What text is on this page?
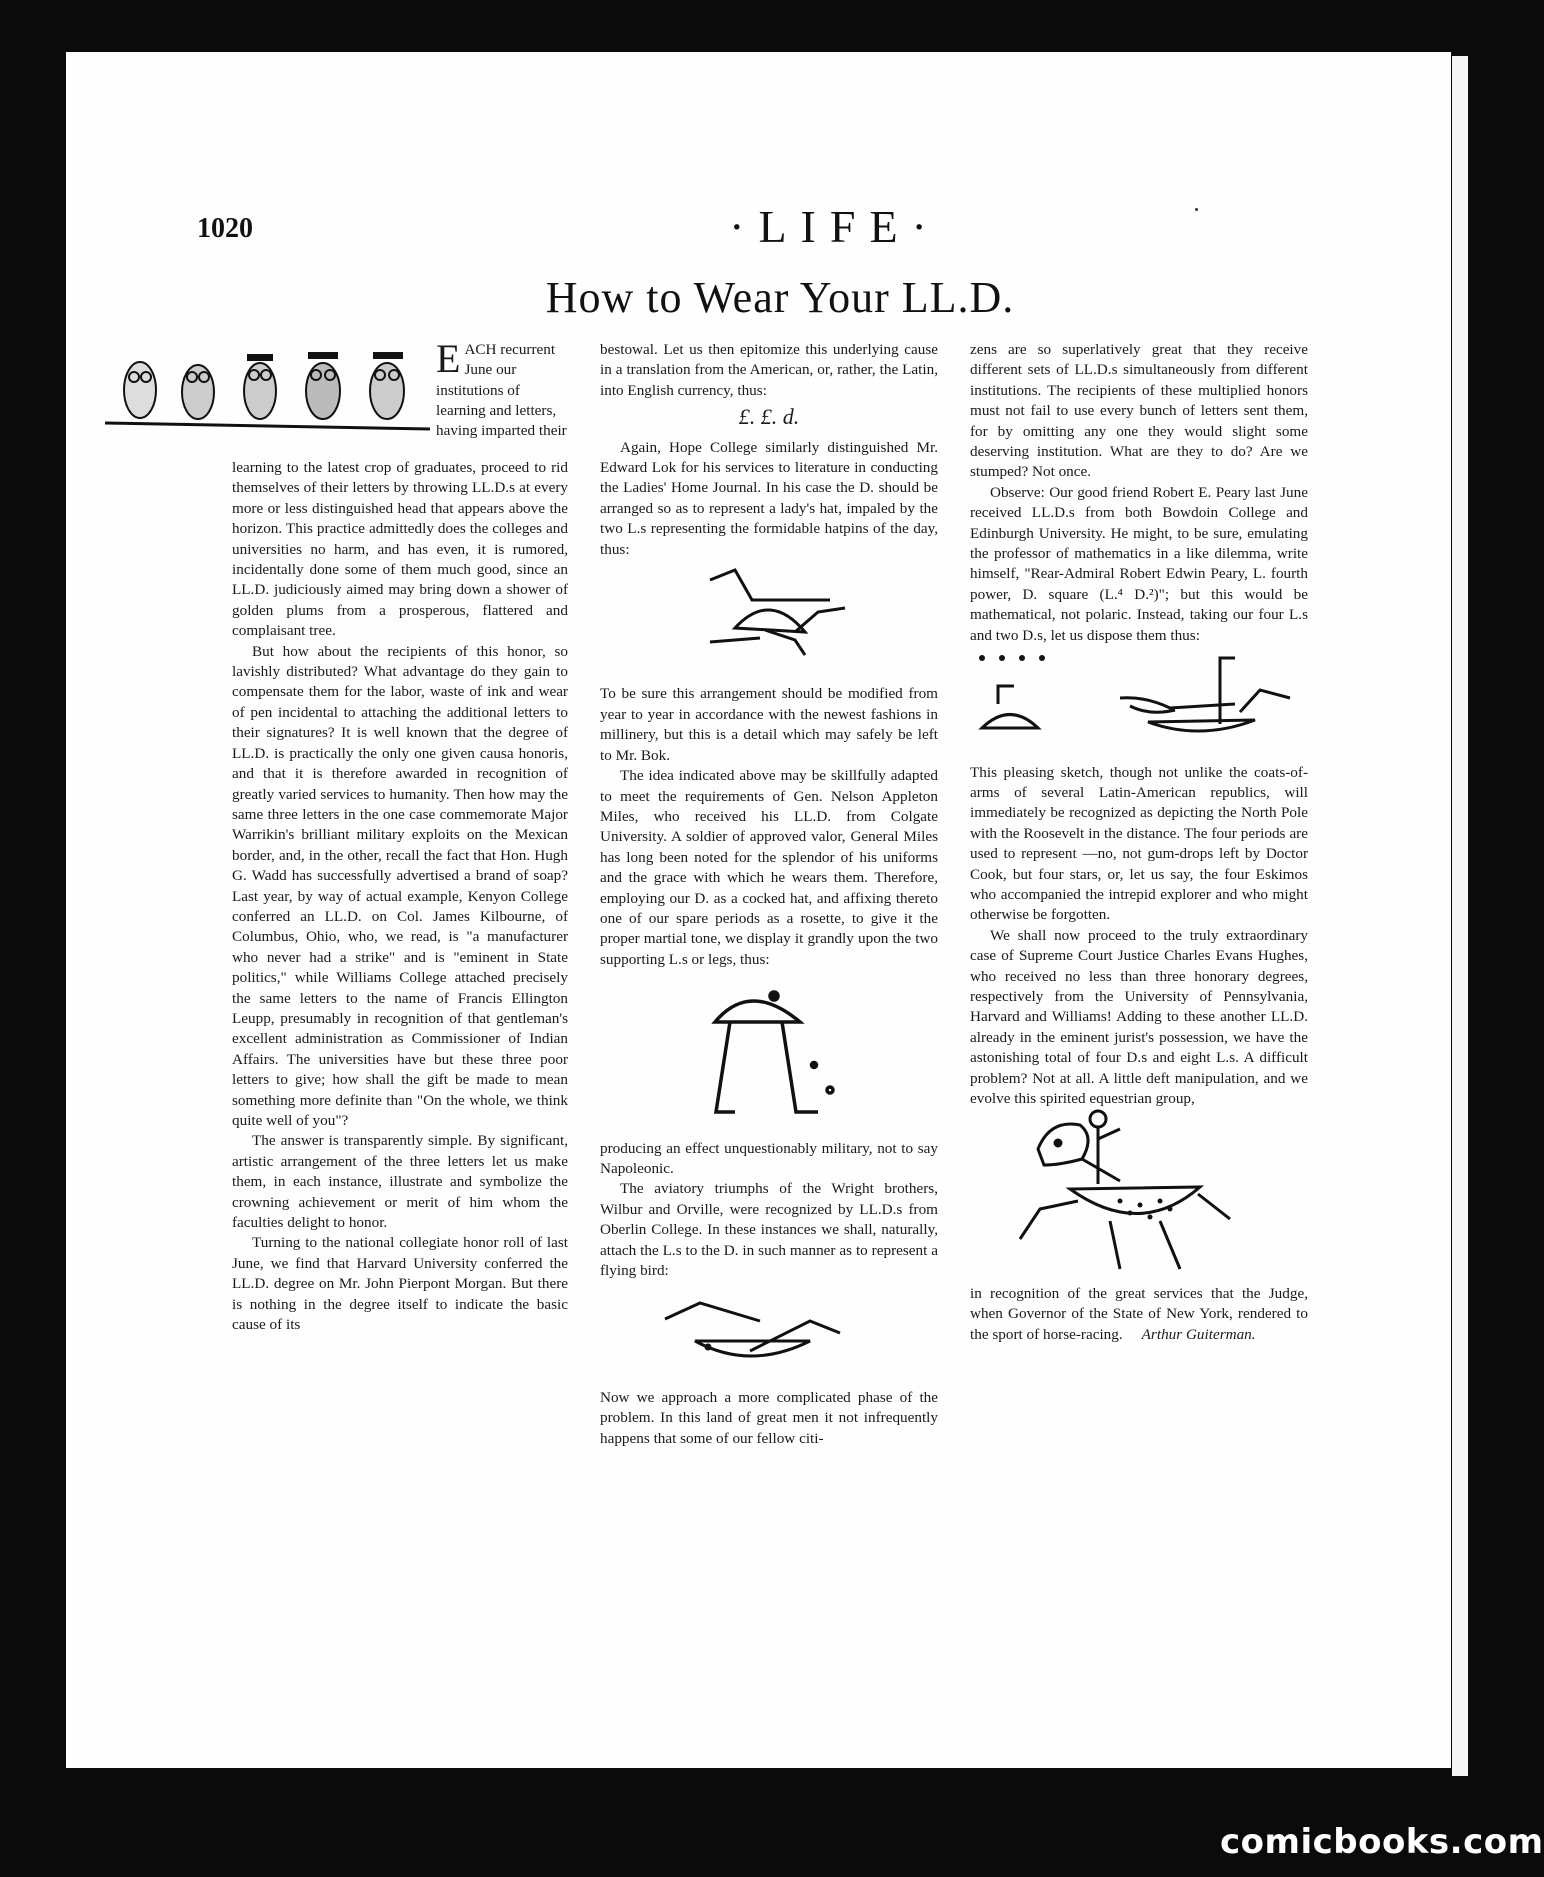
1020	·LIFE·
How to Wear Your LL.D.
EACH recurrent June our institutions of learning and letters, having imparted their

learning to the latest crop of graduates, proceed to rid themselves of their letters by throwing LL.D.s at every more or less distinguished head that appears above the horizon. This practice admittedly does the colleges and universities no harm, and has even, it is rumored, incidentally done some of them much good, since an LL.D. judiciously aimed may bring down a shower of golden plums from a prosperous, flattered and complaisant tree.

But how about the recipients of this honor, so lavishly distributed? What advantage do they gain to compensate them for the labor, waste of ink and wear of pen incidental to attaching the additional letters to their signatures? It is well known that the degree of LL.D. is practically the only one given causa honoris, and that it is therefore awarded in recognition of greatly varied services to humanity. Then how may the same three letters in the one case commemorate Major Warrikin's brilliant military exploits on the Mexican border, and, in the other, recall the fact that Hon. Hugh G. Wadd has successfully advertised a brand of soap? Last year, by way of actual example, Kenyon College conferred an LL.D. on Col. James Kilbourne, of Columbus, Ohio, who, we read, is "a manufacturer who never had a strike" and is "eminent in State politics," while Williams College attached precisely the same letters to the name of Francis Ellington Leupp, presumably in recognition of that gentleman's excellent administration as Commissioner of Indian Affairs. The universities have but these three poor letters to give; how shall the gift be made to mean something more definite than "On the whole, we think quite well of you"?

The answer is transparently simple. By significant, artistic arrangement of the three letters let us make them, in each instance, illustrate and symbolize the crowning achievement or merit of him whom the faculties delight to honor.

Turning to the national collegiate honor roll of last June, we find that Harvard University conferred the LL.D. degree on Mr. John Pierpont Morgan. But there is nothing in the degree itself to indicate the basic cause of its

bestowal. Let us then epitomize this underlying cause in a translation from the American, or, rather, the Latin, into English currency, thus:

£. £. d.

Again, Hope College similarly distinguished Mr. Edward Lok for his services to literature in conducting the Ladies' Home Journal. In his case the D. should be arranged so as to represent a lady's hat, impaled by the two L.s representing the formidable hatpins of the day, thus:

To be sure this arrangement should be modified from year to year in accordance with the newest fashions in millinery, but this is a detail which may safely be left to Mr. Bok.

The idea indicated above may be skillfully adapted to meet the requirements of Gen. Nelson Appleton Miles, who received his LL.D. from Colgate University. A soldier of approved valor, General Miles has long been noted for the splendor of his uniforms and the grace with which he wears them. Therefore, employing our D. as a cocked hat, and affixing thereto one of our spare periods as a rosette, to give it the proper martial tone, we display it grandly upon the two supporting L.s or legs, thus:

producing an effect unquestionably military, not to say Napoleonic.

The aviatory triumphs of the Wright brothers, Wilbur and Orville, were recognized by LL.D.s from Oberlin College. In these instances we shall, naturally, attach the L.s to the D. in such manner as to represent a flying bird:

Now we approach a more complicated phase of the problem. In this land of great men it not infrequently happens that some of our fellow citi-

zens are so superlatively great that they receive different sets of LL.D.s simultaneously from different institutions. The recipients of these multiplied honors must not fail to use every bunch of letters sent them, for by omitting any one they would slight some deserving institution. What are they to do? Are we stumped? Not once.

Observe: Our good friend Robert E. Peary last June received LL.D.s from both Bowdoin College and Edinburgh University. He might, to be sure, emulating the professor of mathematics in a like dilemma, write himself, "Rear-Admiral Robert Edwin Peary, L. fourth power, D. square (L.⁴ D.²)"; but this would be mathematical, not polaric. Instead, taking our four L.s and two D.s, let us dispose them thus:

This pleasing sketch, though not unlike the coats-of-arms of several Latin-American republics, will immediately be recognized as depicting the North Pole with the Roosevelt in the distance. The four periods are used to represent —no, not gum-drops left by Doctor Cook, but four stars, or, let us say, the four Eskimos who accompanied the intrepid explorer and who might otherwise be forgotten.

We shall now proceed to the truly extraordinary case of Supreme Court Justice Charles Evans Hughes, who received no less than three honorary degrees, respectively from the University of Pennsylvania, Harvard and Williams! Adding to these another LL.D. already in the eminent jurist's possession, we have the astonishing total of four D.s and eight L.s. A difficult problem? Not at all. A little deft manipulation, and we evolve this spirited equestrian group,

in recognition of the great services that the Judge, when Governor of the State of New York, rendered to the sport of horse-racing. Arthur Guiterman.

comicbooks.com
